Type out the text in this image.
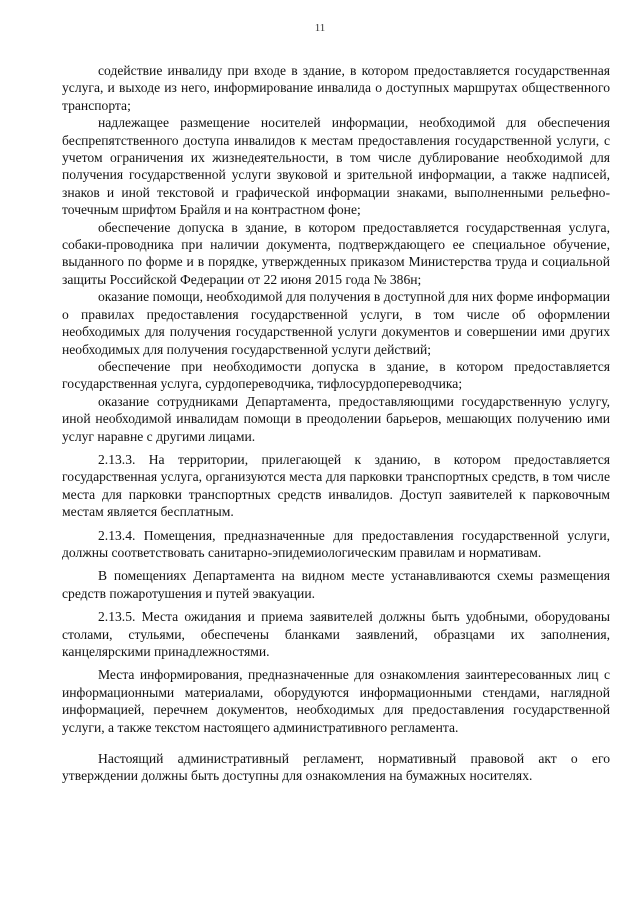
11

содействие инвалиду при входе в здание, в котором предоставляется государственная услуга, и выходе из него, информирование инвалида о доступных маршрутах общественного транспорта;

надлежащее размещение носителей информации, необходимой для обеспечения беспрепятственного доступа инвалидов к местам предоставления государственной услуги, с учетом ограничения их жизнедеятельности, в том числе дублирование необходимой для получения государственной услуги звуковой и зрительной информации, а также надписей, знаков и иной текстовой и графической информации знаками, выполненными рельефно-точечным шрифтом Брайля и на контрастном фоне;

обеспечение допуска в здание, в котором предоставляется государственная услуга, собаки-проводника при наличии документа, подтверждающего ее специальное обучение, выданного по форме и в порядке, утвержденных приказом Министерства труда и социальной защиты Российской Федерации от 22 июня 2015 года № 386н;

оказание помощи, необходимой для получения в доступной для них форме информации о правилах предоставления государственной услуги, в том числе об оформлении необходимых для получения государственной услуги документов и совершении ими других необходимых для получения государственной услуги действий;

обеспечение при необходимости допуска в здание, в котором предоставляется государственная услуга, сурдопереводчика, тифлосурдопереводчика;

оказание сотрудниками Департамента, предоставляющими государственную услугу, иной необходимой инвалидам помощи в преодолении барьеров, мешающих получению ими услуг наравне с другими лицами.

2.13.3. На территории, прилегающей к зданию, в котором предоставляется государственная услуга, организуются места для парковки транспортных средств, в том числе места для парковки транспортных средств инвалидов. Доступ заявителей к парковочным местам является бесплатным.

2.13.4. Помещения, предназначенные для предоставления государственной услуги, должны соответствовать санитарно-эпидемиологическим правилам и нормативам.

В помещениях Департамента на видном месте устанавливаются схемы размещения средств пожаротушения и путей эвакуации.

2.13.5. Места ожидания и приема заявителей должны быть удобными, оборудованы столами, стульями, обеспечены бланками заявлений, образцами их заполнения, канцелярскими принадлежностями.

Места информирования, предназначенные для ознакомления заинтересованных лиц с информационными материалами, оборудуются информационными стендами, наглядной информацией, перечнем документов, необходимых для предоставления государственной услуги, а также текстом настоящего административного регламента.

Настоящий административный регламент, нормативный правовой акт о его утверждении должны быть доступны для ознакомления на бумажных носителях.
